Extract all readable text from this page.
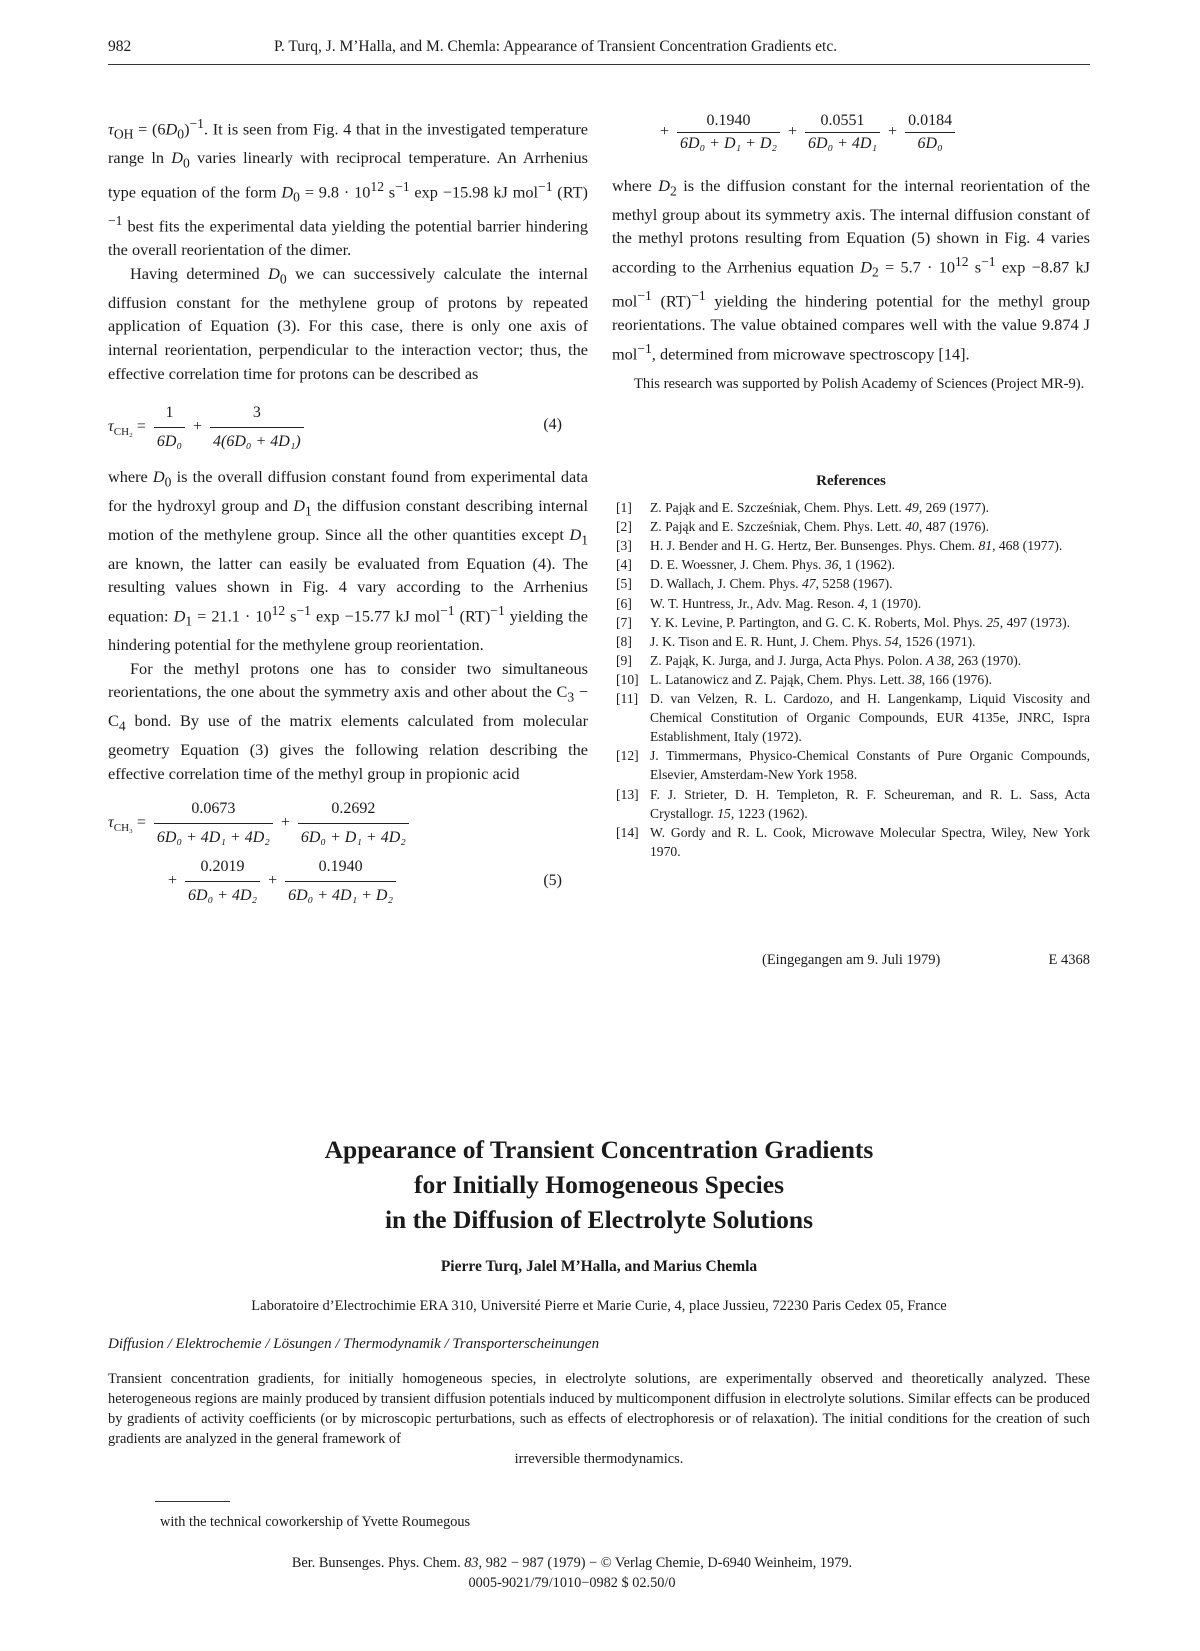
982	P. Turq, J. M’Halla, and M. Chemla: Appearance of Transient Concentration Gradients etc.

$\tau_{OH} = (6D_0)^{-1}$. It is seen from Fig. 4 that in the investigated temperature range $\ln D_0$ varies linearly with reciprocal temperature. An Arrhenius type equation of the form $D_0 = 9.8 \cdot 10^{12}$ $s^{-1}$ exp −15.98 kJ mol$^{-1}$ (RT)$^{-1}$ best fits the experimental data yielding the potential barrier hindering the overall reorientation of the dimer.

Having determined $D_0$ we can successively calculate the internal diffusion constant for the methylene group of protons by repeated application of Equation (3). For this case, there is only one axis of internal reorientation, perpendicular to the interaction vector; thus, the effective correlation time for protons can be described as

$\tau_{CH_2} = \frac{1}{\text{6D₀}} + \frac{3}{\text{4(6D₀ + 4D₁)}}$	(4)

where $D_0$ is the overall diffusion constant found from experimental data for the hydroxyl group and $D_1$ the diffusion constant describing internal motion of the methylene group. Since all the other quantities except $D_1$ are known, the latter can easily be evaluated from Equation (4). The resulting values shown in Fig. 4 vary according to the Arrhenius equation: $D_1 = 21.1 \cdot 10^{12}$ $s^{-1}$ exp −15.77 kJ mol$^{-1}$ (RT)$^{-1}$ yielding the hindering potential for the methylene group reorientation.

For the methyl protons one has to consider two simultaneous reorientations, the one about the symmetry axis and other about the $C_3 - C_4$ bond. By use of the matrix elements calculated from molecular geometry Equation (3) gives the following relation describing the effective correlation time of the methyl group in propionic acid

$\tau_{CH_3} = \frac{0.0673}{\text{6D₀ + 4D₁ + 4D₂}} + \frac{0.2692}{\text{6D₀ + D₁ + 4D₂}}$
+ $\frac{0.2019}{\text{6D₀ + 4D₂}} + \frac{0.1940}{\text{6D₀ + 4D₁ + D₂}}$	(5)
+ $\frac{0.1940}{\text{6D₀ + D₁ + D₂}} + \frac{0.0551}{\text{6D₀ + 4D₁}} + \frac{0.0184}{\text{6D₀}}$

where $D_2$ is the diffusion constant for the internal reorientation of the methyl group about its symmetry axis. The internal diffusion constant of the methyl protons resulting from Equation (5) shown in Fig. 4 varies according to the Arrhenius equation $D_2 = 5.7 \cdot 10^{12}$ $s^{-1}$ exp −8.87 kJ mol$^{-1}$ (RT)$^{-1}$ yielding the hindering potential for the methyl group reorientations. The value obtained compares well with the value 9.874 J mol$^{-1}$, determined from microwave spectroscopy [14].

This research was supported by Polish Academy of Sciences (Project MR-9).

References

[1] Z. Pająk and E. Szcześniak, Chem. Phys. Lett. 49, 269 (1977).

[2] Z. Pająk and E. Szcześniak, Chem. Phys. Lett. 40, 487 (1976).

[3] H. J. Bender and H. G. Hertz, Ber. Bunsenges. Phys. Chem. 81, 468 (1977).

[4] D. E. Woessner, J. Chem. Phys. 36, 1 (1962).

[5] D. Wallach, J. Chem. Phys. 47, 5258 (1967).

[6] W. T. Huntress, Jr., Adv. Mag. Reson. 4, 1 (1970).

[7] Y. K. Levine, P. Partington, and G. C. K. Roberts, Mol. Phys. 25, 497 (1973).

[8] J. K. Tison and E. R. Hunt, J. Chem. Phys. 54, 1526 (1971).

[9] Z. Pająk, K. Jurga, and J. Jurga, Acta Phys. Polon. A 38, 263 (1970).

[10] L. Latanowicz and Z. Pająk, Chem. Phys. Lett. 38, 166 (1976).

[11] D. van Velzen, R. L. Cardozo, and H. Langenkamp, Liquid Viscosity and Chemical Constitution of Organic Compounds, EUR 4135e, JNRC, Ispra Establishment, Italy (1972).

[12] J. Timmermans, Physico-Chemical Constants of Pure Organic Compounds, Elsevier, Amsterdam-New York 1958.

[13] F. J. Strieter, D. H. Templeton, R. F. Scheureman, and R. L. Sass, Acta Crystallogr. 15, 1223 (1962).

[14] W. Gordy and R. L. Cook, Microwave Molecular Spectra, Wiley, New York 1970.

(Eingegangen am 9. Juli 1979)	E 4368
Appearance of Transient Concentration Gradients
for Initially Homogeneous Species
in the Diffusion of Electrolyte Solutions
Pierre Turq, Jalel M’Halla, and Marius Chemla
Laboratoire d’Electrochimie ERA 310, Université Pierre et Marie Curie, 4, place Jussieu, 72230 Paris Cedex 05, France
Diffusion / Elektrochemie / Lösungen / Thermodynamik / Transporterscheinungen
Transient concentration gradients, for initially homogeneous species, in electrolyte solutions, are experimentally observed and theoretically analyzed. These heterogeneous regions are mainly produced by transient diffusion potentials induced by multicomponent diffusion in electrolyte solutions. Similar effects can be produced by gradients of activity coefficients (or by microscopic perturbations, such as effects of electrophoresis or of relaxation). The initial conditions for the creation of such gradients are analyzed in the general framework of
irreversible thermodynamics.
with the technical coworkership of Yvette Roumegous
Ber. Bunsenges. Phys. Chem. 83, 982 − 987 (1979) − © Verlag Chemie, D-6940 Weinheim, 1979.
0005-9021/79/1010−0982 $ 02.50/0
